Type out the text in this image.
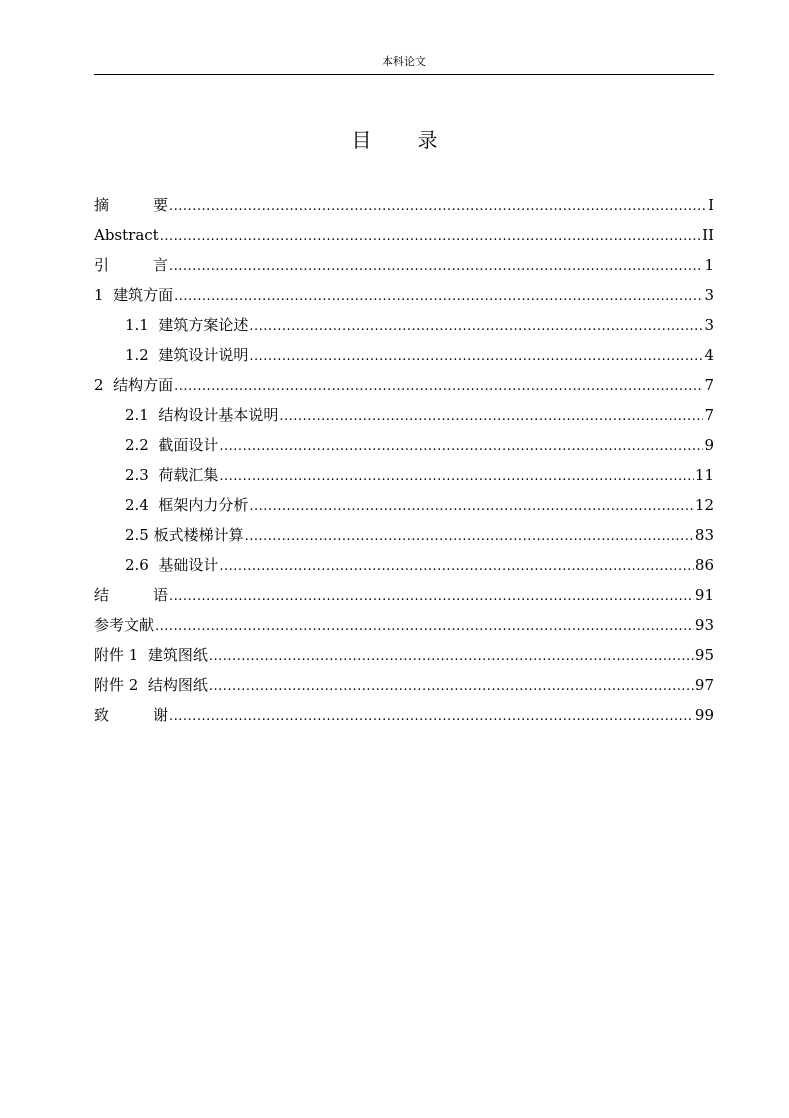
本科论文
目 录
摘	要 .....	I
Abstract .....	II
引	言 .....	1
1  建筑方面 .....	3
1.1  建筑方案论述 .....	3
1.2  建筑设计说明 .....	4
2  结构方面 .....	7
2.1  结构设计基本说明 .....	7
2.2  截面设计 .....	9
2.3  荷载汇集 .....	11
2.4  框架内力分析 .....	12
2.5 板式楼梯计算 .....	83
2.6  基础设计 .....	86
结	语 .....	91
参考文献 .....	93
附件 1  建筑图纸 .....	95
附件 2  结构图纸 .....	97
致	谢 .....	99
